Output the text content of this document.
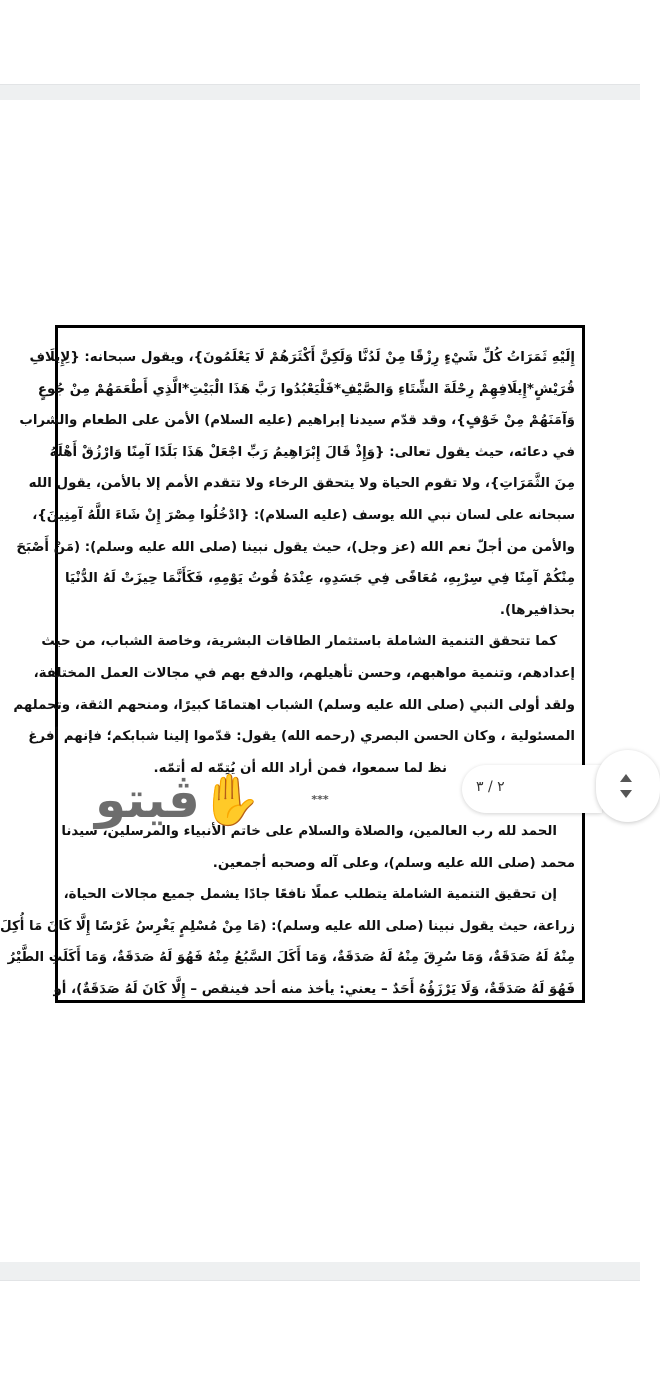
إِلَيْهِ ثَمَرَاتُ كُلِّ شَيْءٍ رِزْقًا مِنْ لَدُنَّا وَلَكِنَّ أَكْثَرَهُمْ لَا يَعْلَمُونَ}، ويقول سبحانه: {لِإِيلَافِ
قُرَيْشٍ*إِيلَافِهِمْ رِحْلَةَ الشِّتَاءِ وَالصَّيْفِ*فَلْيَعْبُدُوا رَبَّ هَذَا الْبَيْتِ*الَّذِي أَطْعَمَهُمْ مِنْ جُوعٍ
وَآمَنَهُمْ مِنْ خَوْفٍ}، وقد قدّم سيدنا إبراهيم (عليه السلام) الأمن على الطعام والشراب
في دعائه، حيث يقول تعالى: {وَإِذْ قَالَ إِبْرَاهِيمُ رَبِّ اجْعَلْ هَذَا بَلَدًا آمِنًا وَارْزُقْ أَهْلَهُ
مِنَ الثَّمَرَاتِ}، ولا تقوم الحياة ولا يتحقق الرخاء ولا تتقدم الأمم إلا بالأمن، يقول الله
سبحانه على لسان نبي الله يوسف (عليه السلام): {ادْخُلُوا مِصْرَ إِنْ شَاءَ اللَّهُ آمِنِينَ}،
والأمن من أجلّ نعم الله (عز وجل)، حيث يقول نبينا (صلى الله عليه وسلم): (مَنْ أَصْبَحَ
مِنْكُمْ آمِنًا فِي سِرْبِهِ، مُعَافًى فِي جَسَدِهِ، عِنْدَهُ قُوتُ يَوْمِهِ، فَكَأَنَّمَا حِيزَتْ لَهُ الدُّنْيَا
بحذافيرها).
كما تتحقق التنمية الشاملة باستثمار الطاقات البشرية، وخاصة الشباب، من حيث
إعدادهم، وتنمية مواهبهم، وحسن تأهيلهم، والدفع بهم في مجالات العمل المختلفة،
ولقد أولى النبي (صلى الله عليه وسلم) الشباب اهتمامًا كبيرًا، ومنحهم الثقة، وتحملهم
المسئولية ، وكان الحسن البصري (رحمه الله) يقول: قدّموا إلينا شبابكم؛ فإنهم أفرغ
نظ لما سمعوا، فمن أراد الله أن يُتِمّه له أتمّه.
***
الحمد لله رب العالمين، والصلاة والسلام على خاتم الأنبياء والمرسلين، سيدنا
محمد (صلى الله عليه وسلم)، وعلى آله وصحبه أجمعين.
إن تحقيق التنمية الشاملة يتطلب عملًا نافعًا جادًا يشمل جميع مجالات الحياة،
زراعة، حيث يقول نبينا (صلى الله عليه وسلم): (مَا مِنْ مُسْلِمٍ يَغْرِسُ غَرْسًا إِلَّا كَانَ مَا أُكِلَ
مِنْهُ لَهُ صَدَقَةٌ، وَمَا سُرِقَ مِنْهُ لَهُ صَدَقَةٌ، وَمَا أَكَلَ السَّبُعُ مِنْهُ فَهُوَ لَهُ صَدَقَةٌ، وَمَا أَكَلَتِ الطَّيْرُ
فَهُوَ لَهُ صَدَقَةٌ، وَلَا يَرْزَؤُهُ أَحَدٌ – يعني: يأخذ منه أحد فينقص – إِلَّا كَانَ لَهُ صَدَقَةٌ)، أو
✋ڤيتو	٢ / ٣
